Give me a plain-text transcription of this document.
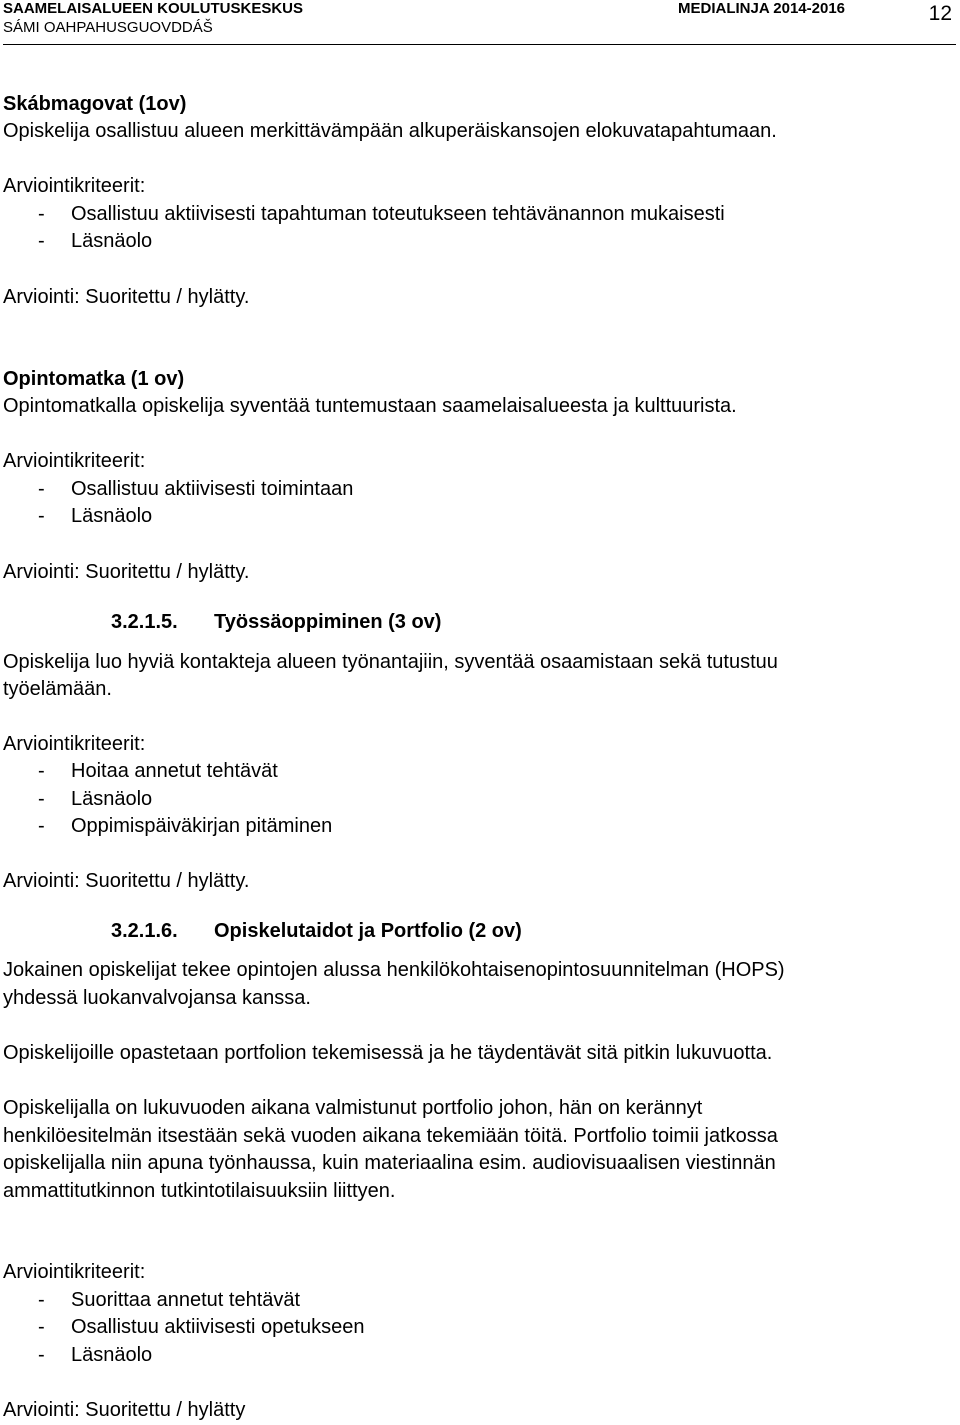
SAAMELAISALUEEN KOULUTUSKESKUS
SÁMI OAHPAHUSGUOVDDÁŠ
MEDIALINJA 2014-2016	12
Skábmagovat (1ov)
Opiskelija osallistuu alueen merkittävämpään alkuperäiskansojen elokuvatapahtumaan.
Arviointikriteerit:
- Osallistuu aktiivisesti tapahtuman toteutukseen tehtävänannon mukaisesti
- Läsnäolo
Arviointi: Suoritettu / hylätty.
Opintomatka (1 ov)
Opintomatkalla opiskelija syventää tuntemustaan saamelaisalueesta ja kulttuurista.
Arviointikriteerit:
- Osallistuu aktiivisesti toimintaan
- Läsnäolo
Arviointi: Suoritettu / hylätty.
3.2.1.5. Työssäoppiminen (3 ov)
Opiskelija luo hyviä kontakteja alueen työnantajiin, syventää osaamistaan sekä tutustuu
työelämään.
Arviointikriteerit:
- Hoitaa annetut tehtävät
- Läsnäolo
- Oppimispäiväkirjan pitäminen
Arviointi: Suoritettu / hylätty.
3.2.1.6. Opiskelutaidot ja Portfolio (2 ov)
Jokainen opiskelijat tekee opintojen alussa henkilökohtaisenopintosuunnitelman (HOPS)
yhdessä luokanvalvojansa kanssa.
Opiskelijoille opastetaan portfolion tekemisessä ja he täydentävät sitä pitkin lukuvuotta.
Opiskelijalla on lukuvuoden aikana valmistunut portfolio johon, hän on kerännyt
henkilöesitelmän itsestään sekä vuoden aikana tekemiään töitä. Portfolio toimii jatkossa
opiskelijalla niin apuna työnhaussa, kuin materiaalina esim. audiovisuaalisen viestinnän
ammattitutkinnon tutkintotilaisuuksiin liittyen.
Arviointikriteerit:
- Suorittaa annetut tehtävät
- Osallistuu aktiivisesti opetukseen
- Läsnäolo
Arviointi: Suoritettu / hylätty
